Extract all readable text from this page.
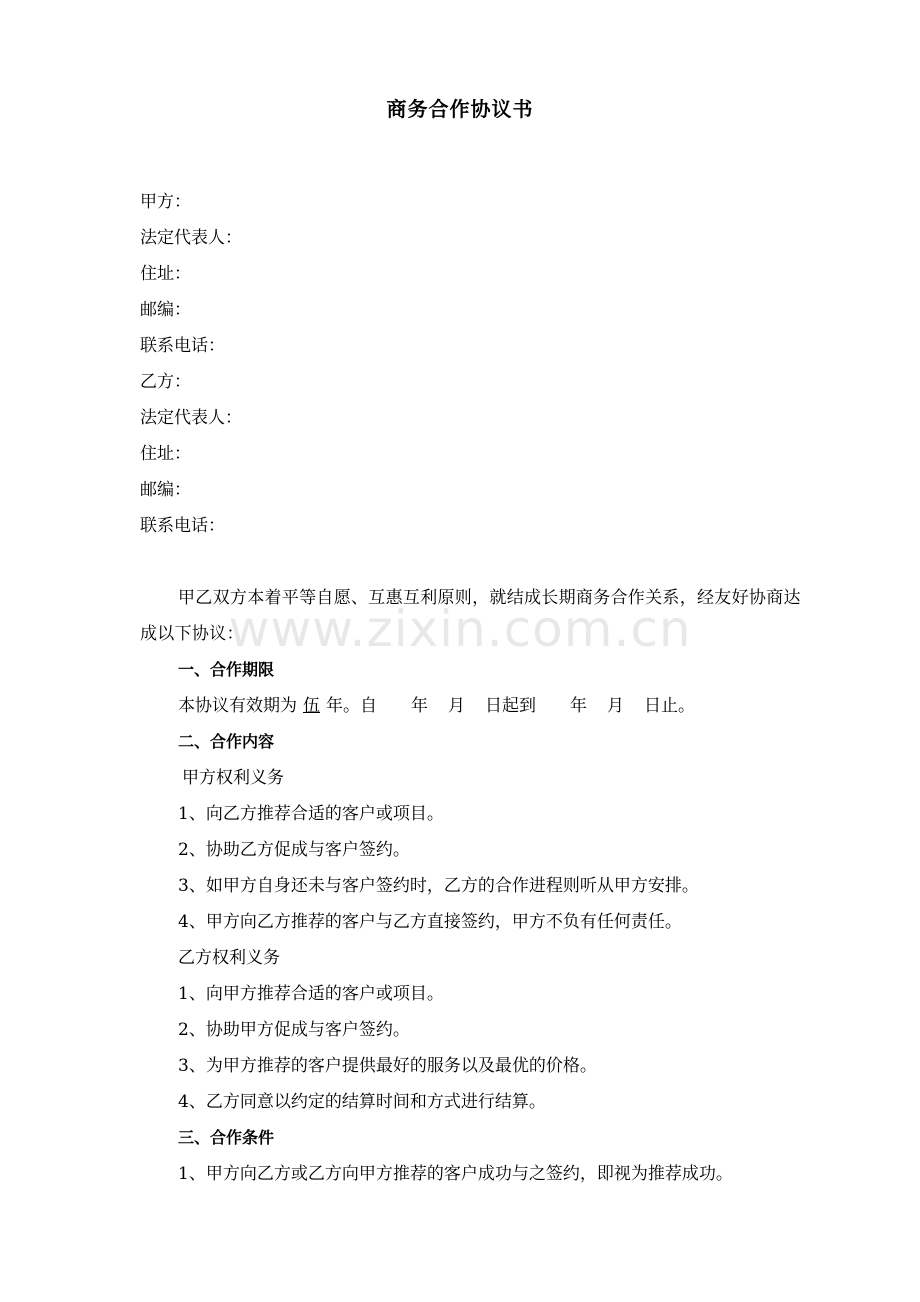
商务合作协议书
甲方：
法定代表人：
住址：
邮编：
联系电话：
乙方：
法定代表人：
住址：
邮编：
联系电话：

甲乙双方本着平等自愿、互惠互利原则，就结成长期商务合作关系，经友好协商达成以下协议：

一、合作期限
本协议有效期为 伍 年。自 年 月 日起到 年 月 日止。
二、合作内容
甲方权利义务
1、向乙方推荐合适的客户或项目。
2、协助乙方促成与客户签约。
3、如甲方自身还未与客户签约时，乙方的合作进程则听从甲方安排。
4、甲方向乙方推荐的客户与乙方直接签约，甲方不负有任何责任。
乙方权利义务
1、向甲方推荐合适的客户或项目。
2、协助甲方促成与客户签约。
3、为甲方推荐的客户提供最好的服务以及最优的价格。
4、乙方同意以约定的结算时间和方式进行结算。
三、合作条件
1、甲方向乙方或乙方向甲方推荐的客户成功与之签约，即视为推荐成功。
www.zixin.com.cn
